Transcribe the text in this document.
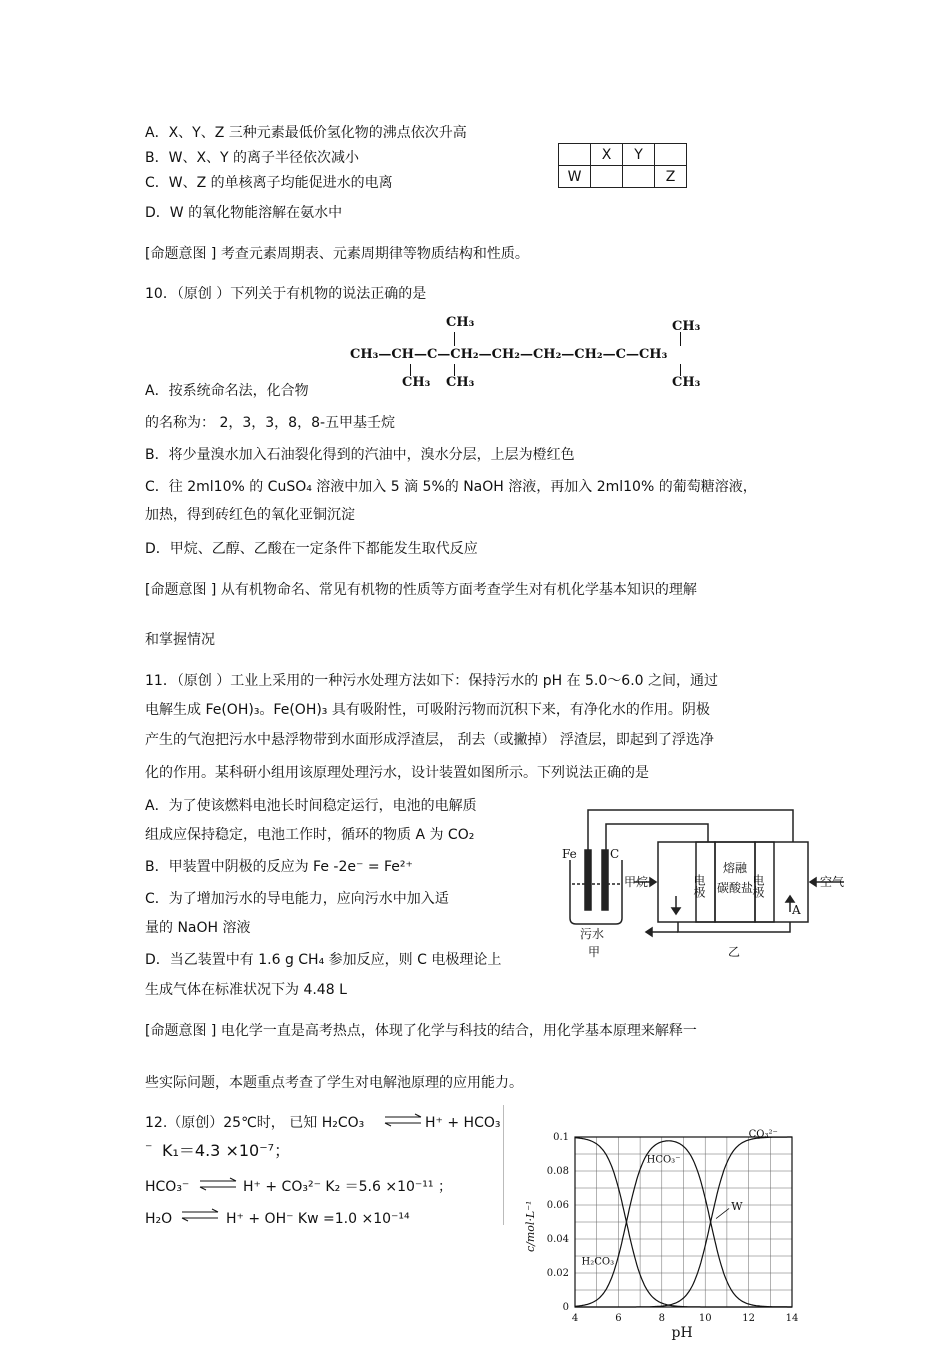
A．X、Y、Z 三种元素最低价氢化物的沸点依次升高
B．W、X、Y 的离子半径依次减小
C．W、Z 的单核离子均能促进水的电离
D．W 的氧化物能溶解在氨水中
	X	Y	
W			Z
[命题意图 ] 考查元素周期表、元素周期律等物质结构和性质。
10．（原创 ）下列关于有机物的说法正确的是
CH₃	CH₃
CH₃—CH—C—CH₂—CH₂—CH₂—CH₂—C—CH₃
CH₃ CH₃	CH₃
A．按系统命名法，化合物
的名称为： 2，3，3，8，8-五甲基壬烷
B．将少量溴水加入石油裂化得到的汽油中，溴水分层，上层为橙红色
C．往 2ml10% 的 CuSO₄ 溶液中加入 5 滴 5%的 NaOH 溶液，再加入 2ml10% 的葡萄糖溶液，
加热，得到砖红色的氧化亚铜沉淀
D．甲烷、乙醇、乙酸在一定条件下都能发生取代反应
[命题意图 ] 从有机物命名、常见有机物的性质等方面考查学生对有机化学基本知识的理解
和掌握情况
11．（原创 ）工业上采用的一种污水处理方法如下：保持污水的 pH 在 5.0～6.0 之间，通过
电解生成 Fe(OH)₃。Fe(OH)₃ 具有吸附性，可吸附污物而沉积下来，有净化水的作用。阴极
产生的气泡把污水中悬浮物带到水面形成浮渣层， 刮去（或撇掉） 浮渣层，即起到了浮选净
化的作用。某科研小组用该原理处理污水，设计装置如图所示。下列说法正确的是
A．为了使该燃料电池长时间稳定运行，电池的电解质
组成应保持稳定，电池工作时，循环的物质 A 为 CO₂
B．甲装置中阴极的反应为 Fe -2e⁻ = Fe²⁺
C．为了增加污水的导电能力，应向污水中加入适
量的 NaOH 溶液
D．当乙装置中有 1.6 g CH₄ 参加反应，则 C 电极理论上
生成气体在标准状况下为 4.48 L
Fe	C
甲烷	空气
电极	电极
熔融
碳酸盐
污水
甲	乙
A
[命题意图 ] 电化学一直是高考热点，体现了化学与科技的结合，用化学基本原理来解释一
些实际问题，本题重点考查了学生对电解池原理的应用能力。
12.（原创）25℃时， 已知 H₂CO₃ ⇌ H⁺ + HCO₃
⁻ K₁＝4.3 ×10⁻⁷；
HCO₃⁻ ⇌ H⁺ + CO₃²⁻ K₂ ＝5.6 ×10⁻¹¹ ；
H₂O ⇌ H⁺ + OH⁻ Kw =1.0 ×10⁻¹⁴
4	6	8	10	12	14
0
0.02
0.04
0.06
0.08
0.1
pH
c/mol·L⁻¹
H₂CO₃
HCO₃⁻
CO₃²⁻
W
